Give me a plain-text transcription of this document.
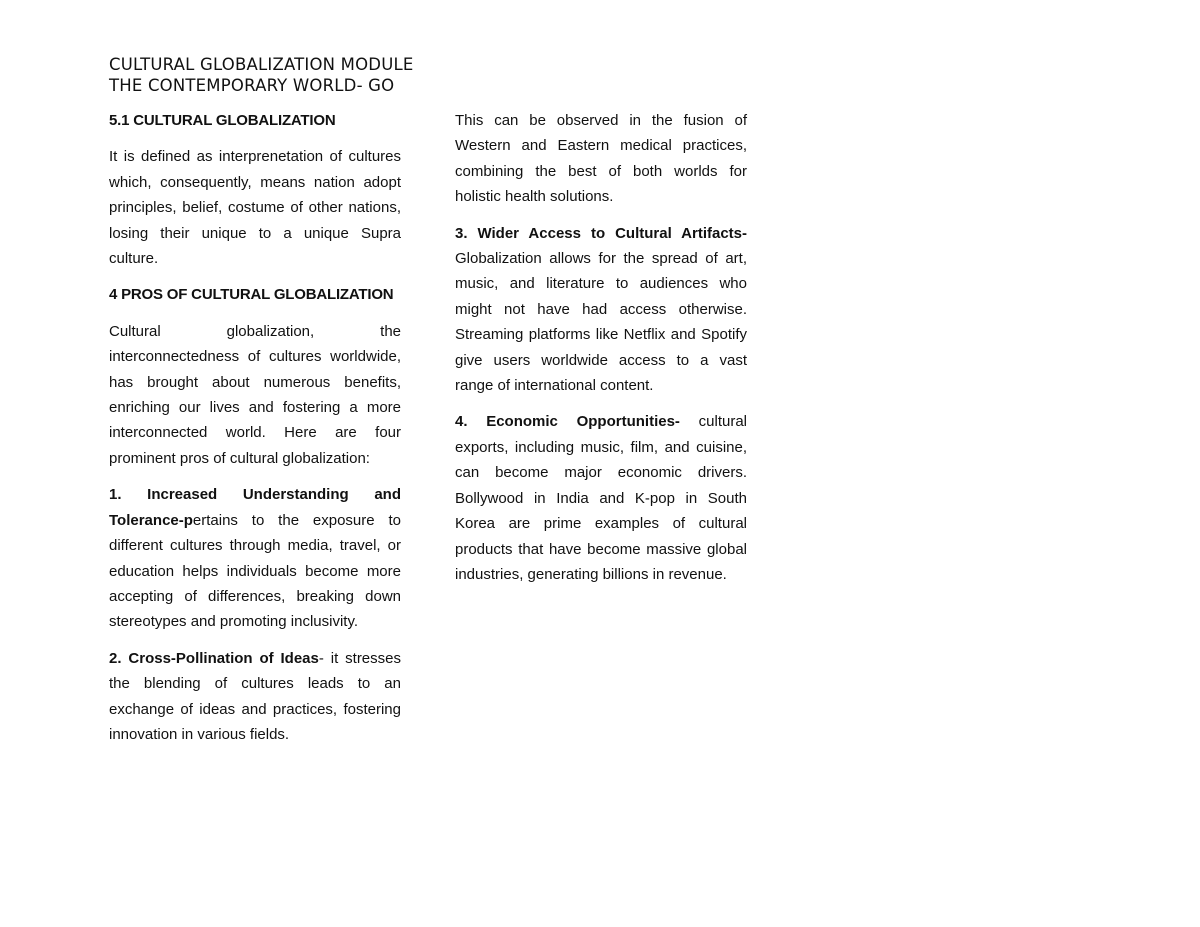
CULTURAL GLOBALIZATION MODULE
THE CONTEMPORARY WORLD- GO
5.1 CULTURAL GLOBALIZATION
It is defined as interprenetation of cultures which, consequently, means nation adopt principles, belief, costume of other nations, losing their unique to a unique Supra culture.
4 PROS OF CULTURAL GLOBALIZATION
Cultural globalization, the interconnectedness of cultures worldwide, has brought about numerous benefits, enriching our lives and fostering a more interconnected world. Here are four prominent pros of cultural globalization:
1. Increased Understanding and Tolerance-pertains to the exposure to different cultures through media, travel, or education helps individuals become more accepting of differences, breaking down stereotypes and promoting inclusivity.
2. Cross-Pollination of Ideas- it stresses the blending of cultures leads to an exchange of ideas and practices, fostering innovation in various fields.
This can be observed in the fusion of Western and Eastern medical practices, combining the best of both worlds for holistic health solutions.
3. Wider Access to Cultural Artifacts- Globalization allows for the spread of art, music, and literature to audiences who might not have had access otherwise. Streaming platforms like Netflix and Spotify give users worldwide access to a vast range of international content.
4. Economic Opportunities- cultural exports, including music, film, and cuisine, can become major economic drivers. Bollywood in India and K-pop in South Korea are prime examples of cultural products that have become massive global industries, generating billions in revenue.
